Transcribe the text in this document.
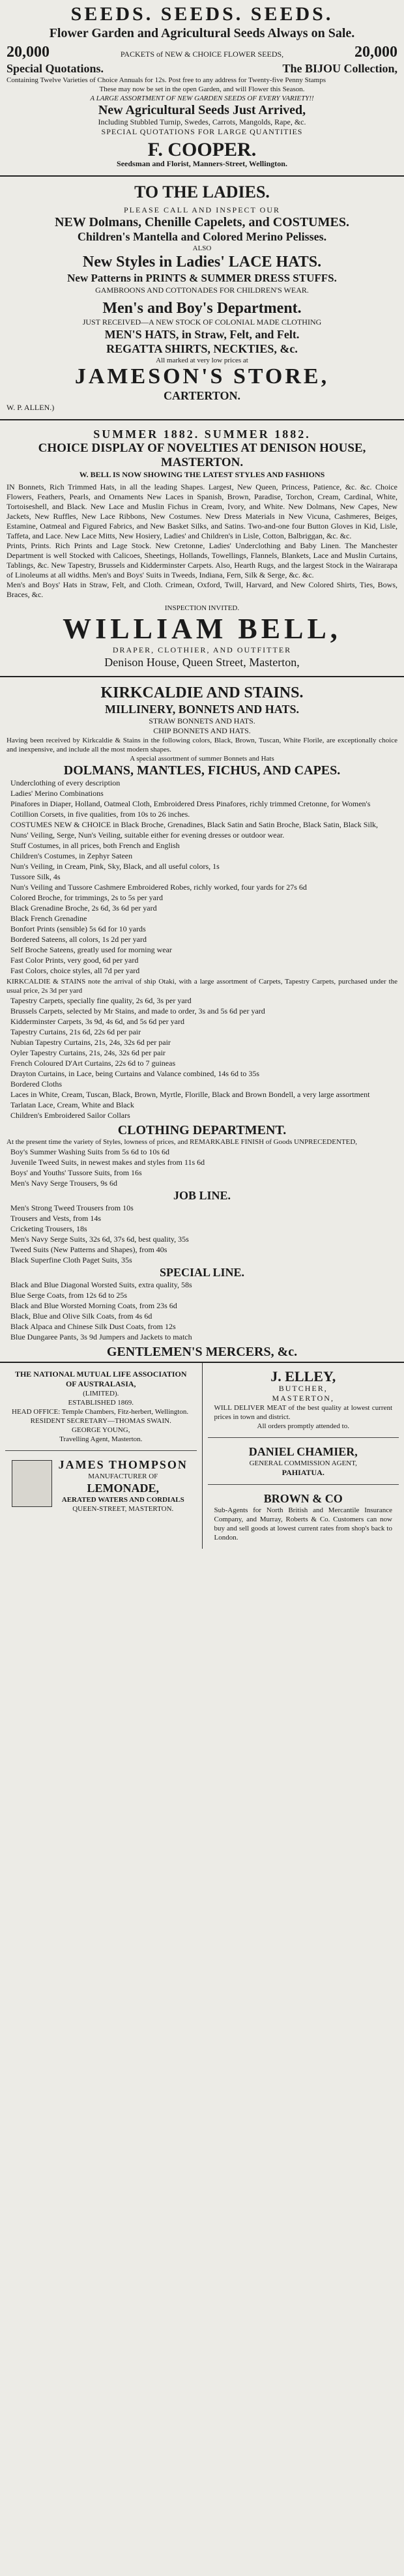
SEEDS. SEEDS. SEEDS.
Flower Garden and Agricultural Seeds Always on Sale.
20,000	PACKETS of NEW & CHOICE FLOWER SEEDS,	20,000
Special Quotations.	The BIJOU Collection,
Containing Twelve Varieties of Choice Annuals for 12s. Post free to any address for Twenty-five Penny Stamps
These may now be set in the open Garden, and will Flower this Season.
A LARGE ASSORTMENT OF NEW GARDEN SEEDS OF EVERY VARIETY!!
New Agricultural Seeds Just Arrived,
Including Stubbled Turnip, Swedes, Carrots, Mangolds, Rape, &c.
SPECIAL QUOTATIONS FOR LARGE QUANTITIES
F. COOPER.
Seedsman and Florist, Manners-Street, Wellington.
TO THE LADIES.
PLEASE CALL AND INSPECT OUR
NEW Dolmans, Chenille Capelets, and COSTUMES.
Children's Mantella and Colored Merino Pelisses.
ALSO
New Styles in Ladies' LACE HATS.
New Patterns in PRINTS & SUMMER DRESS STUFFS.
GAMBROONS AND COTTONADES FOR CHILDREN'S WEAR.
Men's and Boy's Department.
JUST RECEIVED—A NEW STOCK OF COLONIAL MADE CLOTHING
MEN'S HATS, in Straw, Felt, and Felt.
REGATTA SHIRTS, NECKTIES, &c.
All marked at very low prices at
JAMESON'S STORE,
CARTERTON.
W. P. ALLEN.)
SUMMER 1882. SUMMER 1882.
CHOICE DISPLAY OF NOVELTIES AT DENISON HOUSE, MASTERTON.
W. BELL IS NOW SHOWING THE LATEST STYLES AND FASHIONS
IN Bonnets, Rich Trimmed Hats, in all the leading Shapes. Largest, New Queen, Princess, Patience, &c. &c. Choice Flowers, Feathers, Pearls, and Ornaments New Laces in Spanish, Brown, Paradise, Torchon, Cream, Cardinal, White, Tortoiseshell, and Black. New Lace and Muslin Fichus in Cream, Ivory, and White. New Dolmans, New Capes, New Jackets, New Ruffles, New Lace Ribbons, New Costumes. New Dress Materials in New Vicuna, Cashmeres, Beiges, Estamine, Oatmeal and Figured Fabrics, and New Basket Silks, and Satins. Two-and-one four Button Gloves in Kid, Lisle, Taffeta, and Lace. New Lace Mitts, New Hosiery, Ladies' and Children's in Lisle, Cotton, Balbriggan, &c. &c.
Prints, Prints. Rich Prints and Lage Stock. New Cretonne, Ladies' Underclothing and Baby Linen. The Manchester Department is well Stocked with Calicoes, Sheetings, Hollands, Towellings, Flannels, Blankets, Lace and Muslin Curtains, Tablings, &c. New Tapestry, Brussels and Kidderminster Carpets. Also, Hearth Rugs, and the largest Stock in the Wairarapa of Linoleums at all widths. Men's and Boys' Suits in Tweeds, Indiana, Fern, Silk & Serge, &c. &c.
Men's and Boys' Hats in Straw, Felt, and Cloth. Crimean, Oxford, Twill, Harvard, and New Colored Shirts, Ties, Bows, Braces, &c.
INSPECTION INVITED.
WILLIAM BELL,
DRAPER, CLOTHIER, AND OUTFITTER
Denison House, Queen Street, Masterton,
KIRKCALDIE AND STAINS.
MILLINERY, BONNETS AND HATS.
STRAW BONNETS AND HATS.
CHIP BONNETS AND HATS.
Having been received by Kirkcaldie & Stains in the following colors, Black, Brown, Tuscan, White Florile, are exceptionally choice and inexpensive, and include all the most modern shapes.
A special assortment of summer Bonnets and Hats
DOLMANS, MANTLES, FICHUS, AND CAPES.
Underclothing of every description
Ladies' Merino Combinations
Pinafores in Diaper, Holland, Oatmeal Cloth, Embroidered Dress Pinafores, richly trimmed Cretonne, for Women's Cotillion Corsets, in five qualities, from 10s to 26 inches.
COSTUMES NEW & CHOICE in Black Broche, Grenadines, Black Satin and Satin Broche, Black Satin, Black Silk, Nuns' Veiling, Serge, Nun's Veiling, suitable either for evening dresses or outdoor wear.
Stuff Costumes, in all prices, both French and English
Children's Costumes, in Zephyr Sateen
Nun's Veiling, in Cream, Pink, Sky, Black, and all useful colors, 1s
Tussore Silk, 4s
Nun's Veiling and Tussore Cashmere Embroidered Robes, richly worked, four yards for 27s 6d
Colored Broche, for trimmings, 2s to 5s per yard
Black Grenadine Broche, 2s 6d, 3s 6d per yard
Black French Grenadine
Bonfort Prints (sensible) 5s 6d for 10 yards
Bordered Sateens, all colors, 1s 2d per yard
Self Broche Sateens, greatly used for morning wear
Fast Color Prints, very good, 6d per yard
Fast Colors, choice styles, all 7d per yard
KIRKCALDIE & STAINS note the arrival of ship Otaki, with a large assortment of Carpets, Tapestry Carpets, purchased under the usual price, 2s 3d per yard
Tapestry Carpets, specially fine quality, 2s 6d, 3s per yard
Brussels Carpets, selected by Mr Stains, and made to order, 3s and 5s 6d per yard
Kidderminster Carpets, 3s 9d, 4s 6d, and 5s 6d per yard
Tapestry Curtains, 21s 6d, 22s 6d per pair
Nubian Tapestry Curtains, 21s, 24s, 32s 6d per pair
Oyler Tapestry Curtains, 21s, 24s, 32s 6d per pair
French Coloured D'Art Curtains, 22s 6d to 7 guineas
Drayton Curtains, in Lace, being Curtains and Valance combined, 14s 6d to 35s
Bordered Cloths
Laces in White, Cream, Tuscan, Black, Brown, Myrtle, Florille, Black and Brown Bondell, a very large assortment
Tarlatan Lace, Cream, White and Black
Children's Embroidered Sailor Collars
CLOTHING DEPARTMENT.
At the present time the variety of Styles, lowness of prices, and REMARKABLE FINISH of Goods UNPRECEDENTED,
Boy's Summer Washing Suits from 5s 6d to 10s 6d
Juvenile Tweed Suits, in newest makes and styles from 11s 6d
Boys' and Youths' Tussore Suits, from 16s
Men's Navy Serge Trousers, 9s 6d
JOB LINE.
Men's Strong Tweed Trousers from 10s
Trousers and Vests, from 14s
Cricketing Trousers, 18s
Men's Navy Serge Suits, 32s 6d, 37s 6d, best quality, 35s
Tweed Suits (New Patterns and Shapes), from 40s
Black Superfine Cloth Paget Suits, 35s
SPECIAL LINE.
Black and Blue Diagonal Worsted Suits, extra quality, 58s
Blue Serge Coats, from 12s 6d to 25s
Black and Blue Worsted Morning Coats, from 23s 6d
Black, Blue and Olive Silk Coats, from 4s 6d
Black Alpaca and Chinese Silk Dust Coats, from 12s
Blue Dungaree Pants, 3s 9d Jumpers and Jackets to match
GENTLEMEN'S MERCERS, &c.
THE NATIONAL MUTUAL LIFE ASSOCIATION OF AUSTRALASIA,
(LIMITED).
ESTABLISHED 1869.
HEAD OFFICE: Temple Chambers, Fitz-herbert, Wellington.
RESIDENT SECRETARY—THOMAS SWAIN.
GEORGE YOUNG,
Travelling Agent, Masterton.
JAMES THOMPSON
MANUFACTURER OF
LEMONADE,
AERATED WATERS AND CORDIALS
QUEEN-STREET, MASTERTON.
J. ELLEY,
BUTCHER,
MASTERTON,
WILL DELIVER MEAT of the best quality at lowest current prices in town and district.
All orders promptly attended to.
DANIEL CHAMIER,
GENERAL COMMISSION AGENT,
PAHIATUA.
BROWN & CO
Sub-Agents for North British and Mercantile Insurance Company, and Murray, Roberts & Co. Customers can now buy and sell goods at lowest current rates from shop's back to London.
